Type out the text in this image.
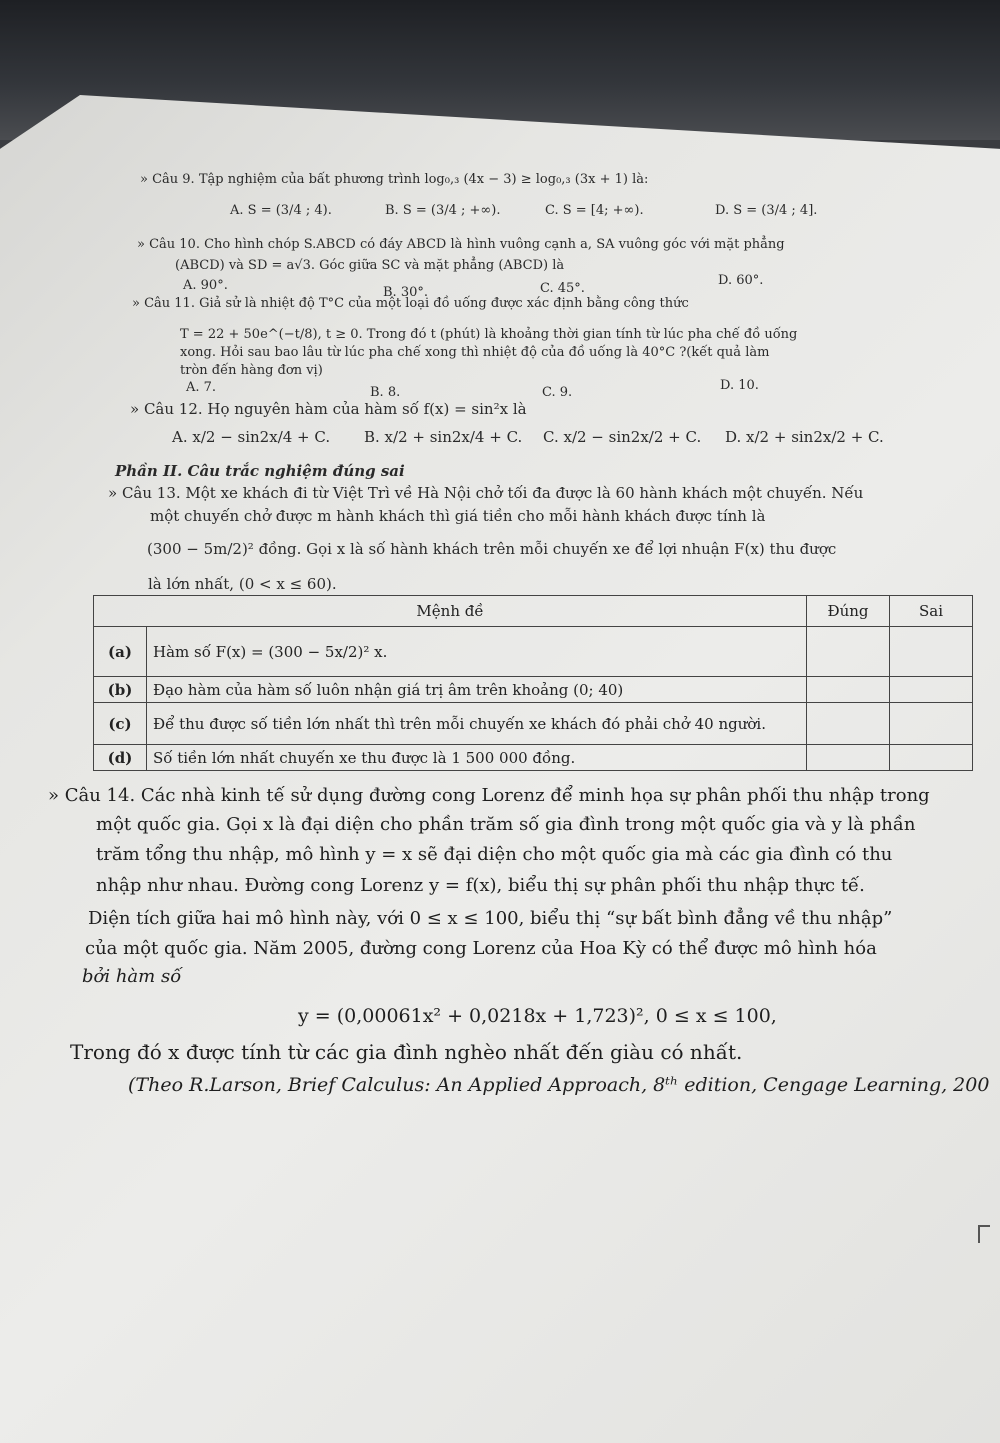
» Câu 9. Tập nghiệm của bất phương trình log₀,₃ (4x − 3) ≥ log₀,₃ (3x + 1) là:
A. S = (3/4 ; 4).	B. S = (3/4 ; +∞).	C. S = [4; +∞).	D. S = (3/4 ; 4].
» Câu 10. Cho hình chóp S.ABCD có đáy ABCD là hình vuông cạnh a, SA vuông góc với mặt phẳng
(ABCD) và SD = a√3. Góc giữa SC và mặt phẳng (ABCD) là
A. 90°.	B. 30°.	C. 45°.
D. 60°.
» Câu 11. Giả sử là nhiệt độ T°C của một loại đồ uống được xác định bằng công thức
T = 22 + 50e^(−t/8), t ≥ 0. Trong đó t (phút) là khoảng thời gian tính từ lúc pha chế đồ uống
xong. Hỏi sau bao lâu từ lúc pha chế xong thì nhiệt độ của đồ uống là 40°C ?(kết quả làm
tròn đến hàng đơn vị)
A. 7.	B. 8.	C. 9.	D. 10.
» Câu 12. Họ nguyên hàm của hàm số f(x) = sin²x là
A. x/2 − sin2x/4 + C. B. x/2 + sin2x/4 + C. C. x/2 − sin2x/2 + C. D. x/2 + sin2x/2 + C.
Phần II. Câu trắc nghiệm đúng sai
» Câu 13. Một xe khách đi từ Việt Trì về Hà Nội chở tối đa được là 60 hành khách một chuyến. Nếu
một chuyến chở được m hành khách thì giá tiền cho mỗi hành khách được tính là
(300 − 5m/2)² đồng. Gọi x là số hành khách trên mỗi chuyến xe để lợi nhuận F(x) thu được
là lớn nhất, (0 < x ≤ 60).
Mệnh đề		Đúng	Sai
(a)	Hàm số F(x) = (300 − 5x/2)² x.		
(b)	Đạo hàm của hàm số luôn nhận giá trị âm trên khoảng (0; 40)		
(c)	Để thu được số tiền lớn nhất thì trên mỗi chuyến xe khách đó phải chở 40 người.		
(d)	Số tiền lớn nhất chuyến xe thu được là 1 500 000 đồng.		
» Câu 14. Các nhà kinh tế sử dụng đường cong Lorenz để minh họa sự phân phối thu nhập trong
một quốc gia. Gọi x là đại diện cho phần trăm số gia đình trong một quốc gia và y là phần
trăm tổng thu nhập, mô hình y = x sẽ đại diện cho một quốc gia mà các gia đình có thu
nhập như nhau. Đường cong Lorenz y = f(x), biểu thị sự phân phối thu nhập thực tế.
Diện tích giữa hai mô hình này, với 0 ≤ x ≤ 100, biểu thị “sự bất bình đẳng về thu nhập”
của một quốc gia. Năm 2005, đường cong Lorenz của Hoa Kỳ có thể được mô hình hóa
bởi hàm số
y = (0,00061x² + 0,0218x + 1,723)², 0 ≤ x ≤ 100,
Trong đó x được tính từ các gia đình nghèo nhất đến giàu có nhất.
(Theo R.Larson, Brief Calculus: An Applied Approach, 8ᵗʰ edition, Cengage Learning, 200
